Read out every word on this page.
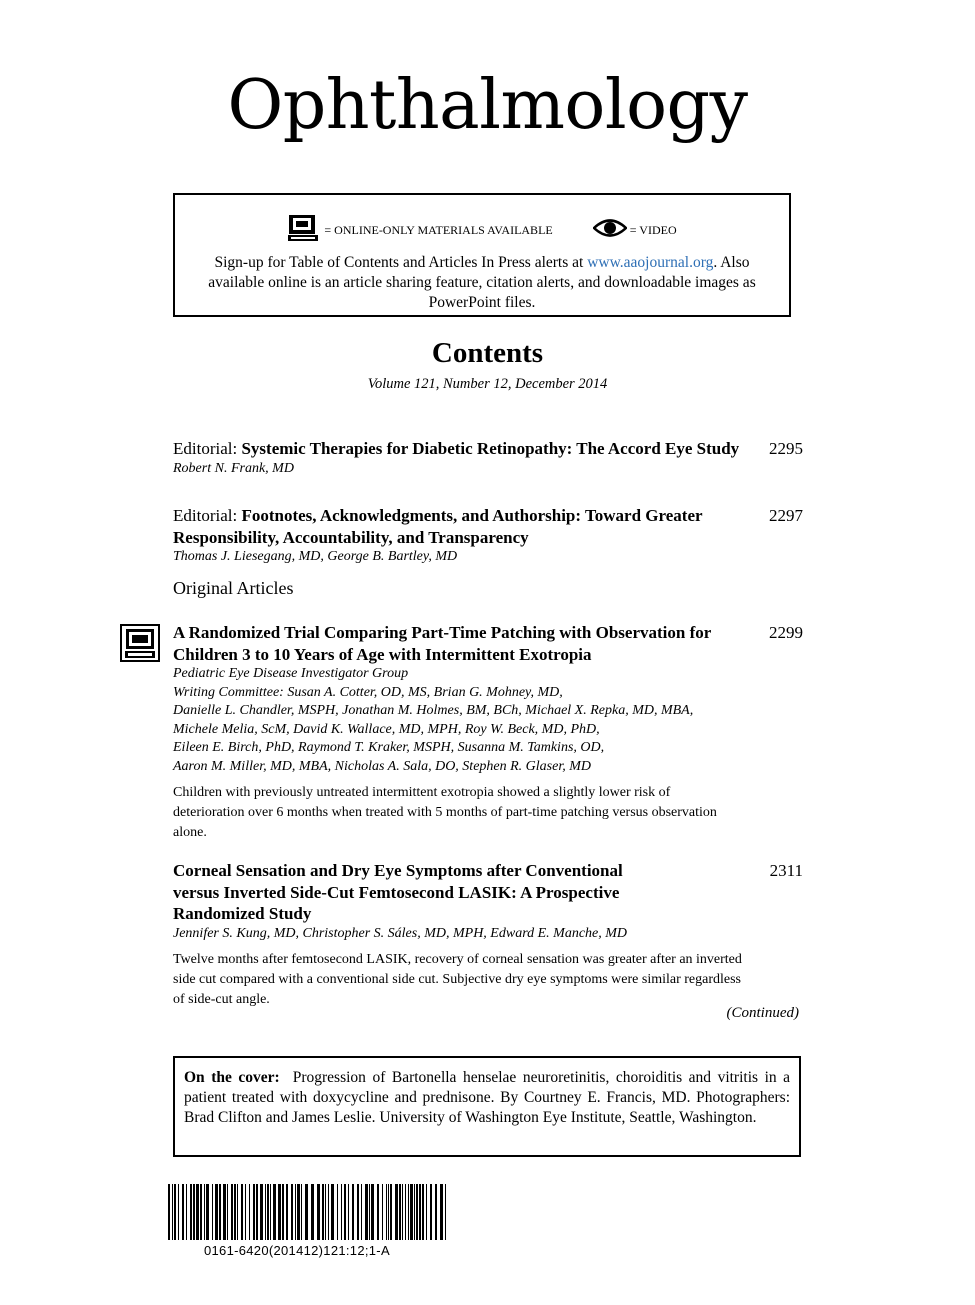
Ophthalmology
= ONLINE-ONLY MATERIALS AVAILABLE	= VIDEO
Sign-up for Table of Contents and Articles In Press alerts at www.aaojournal.org. Also available online is an article sharing feature, citation alerts, and downloadable images as PowerPoint files.
Contents
Volume 121, Number 12, December 2014
Editorial: Systemic Therapies for Diabetic Retinopathy: The Accord Eye Study 2295
Robert N. Frank, MD
Editorial: Footnotes, Acknowledgments, and Authorship: Toward Greater Responsibility, Accountability, and Transparency
2297
Thomas J. Liesegang, MD, George B. Bartley, MD
Original Articles
A Randomized Trial Comparing Part-Time Patching with Observation for Children 3 to 10 Years of Age with Intermittent Exotropia
2299
Pediatric Eye Disease Investigator Group
Writing Committee: Susan A. Cotter, OD, MS, Brian G. Mohney, MD,
Danielle L. Chandler, MSPH, Jonathan M. Holmes, BM, BCh, Michael X. Repka, MD, MBA,
Michele Melia, ScM, David K. Wallace, MD, MPH, Roy W. Beck, MD, PhD,
Eileen E. Birch, PhD, Raymond T. Kraker, MSPH, Susanna M. Tamkins, OD,
Aaron M. Miller, MD, MBA, Nicholas A. Sala, DO, Stephen R. Glaser, MD
Children with previously untreated intermittent exotropia showed a slightly lower risk of deterioration over 6 months when treated with 5 months of part-time patching versus observation alone.
Corneal Sensation and Dry Eye Symptoms after Conventional versus Inverted Side-Cut Femtosecond LASIK: A Prospective Randomized Study
2311
Jennifer S. Kung, MD, Christopher S. Sáles, MD, MPH, Edward E. Manche, MD
Twelve months after femtosecond LASIK, recovery of corneal sensation was greater after an inverted side cut compared with a conventional side cut. Subjective dry eye symptoms were similar regardless of side-cut angle.
(Continued)
On the cover: Progression of Bartonella henselae neuroretinitis, choroiditis and vitritis in a patient treated with doxycycline and prednisone. By Courtney E. Francis, MD. Photographers: Brad Clifton and James Leslie. University of Washington Eye Institute, Seattle, Washington.
0161-6420(201412)121:12;1-A
